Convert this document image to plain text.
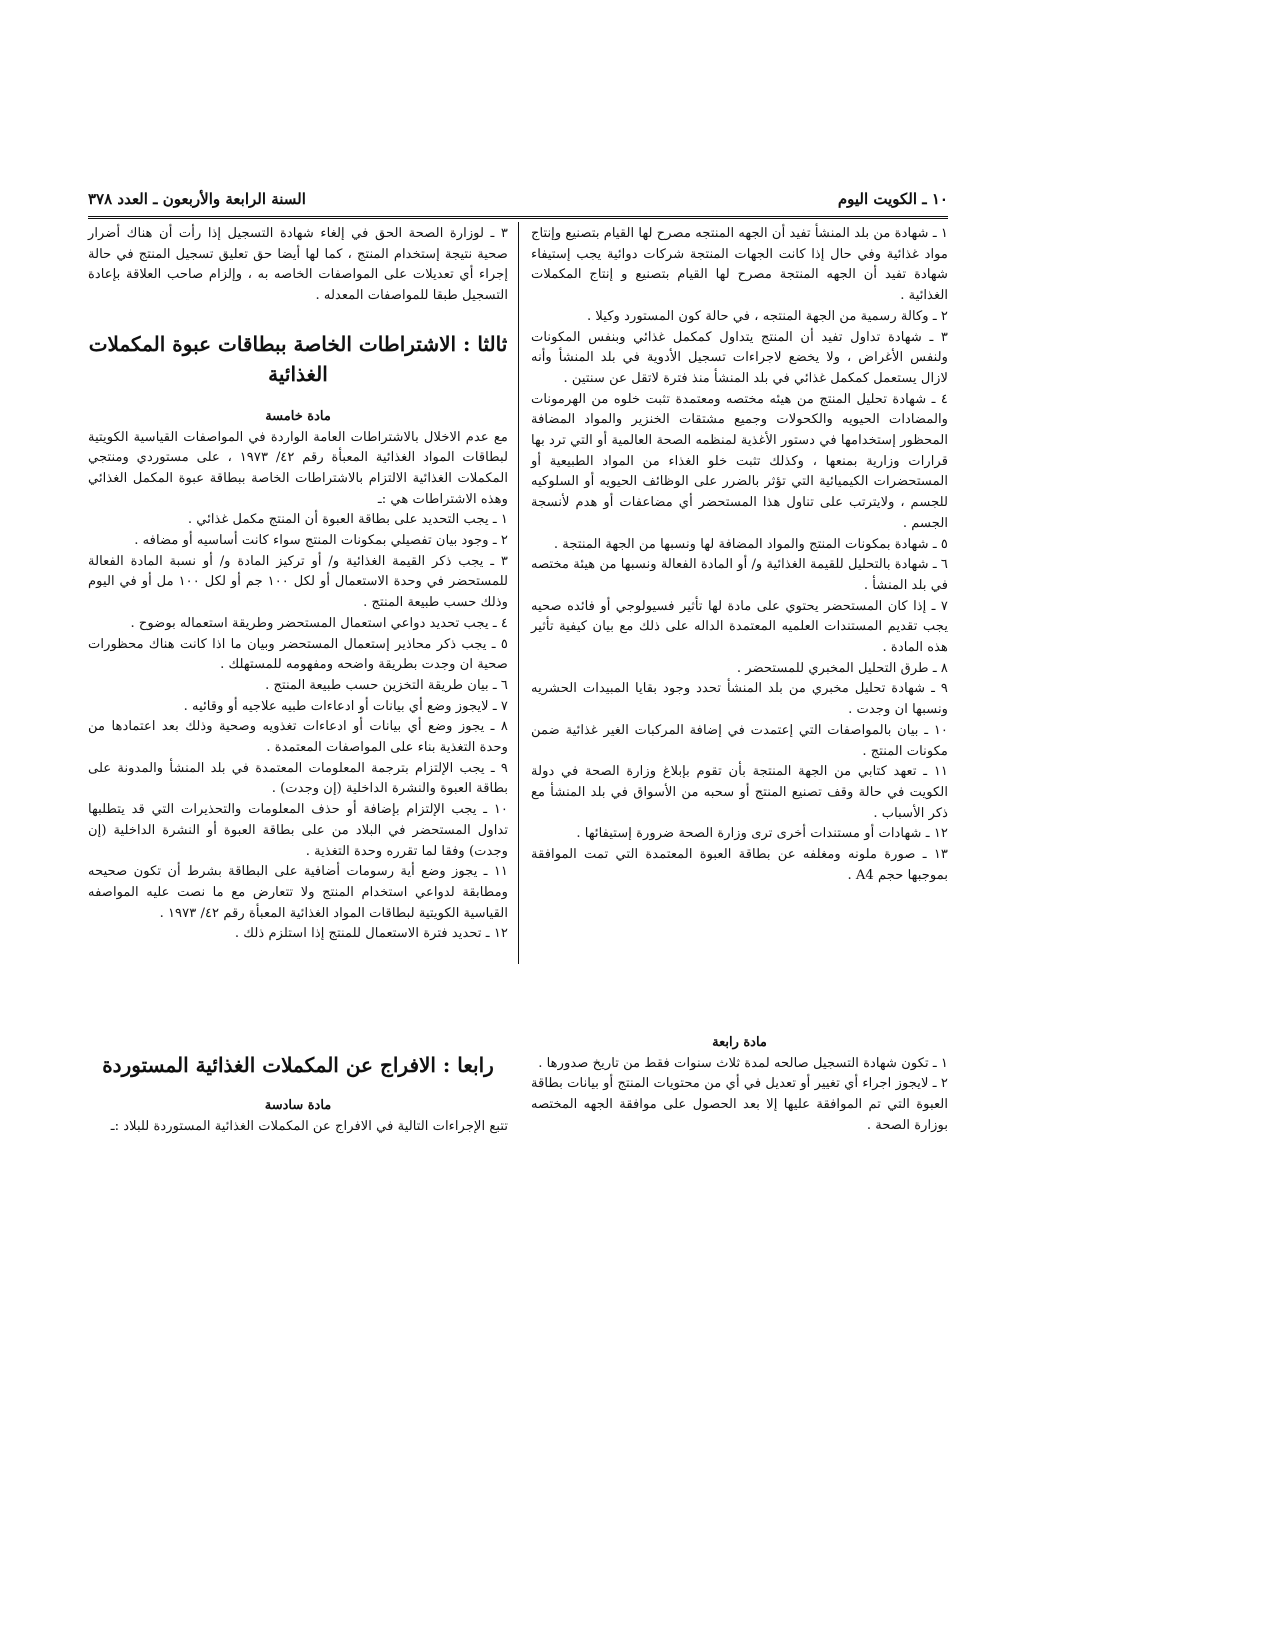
١٠ ـ الكويت اليوم
السنة الرابعة والأربعون ـ العدد ٣٧٨

١ ـ شهادة من بلد المنشأ تفيد أن الجهه المنتجه مصرح لها القيام بتصنيع وإنتاج مواد غذائية وفي حال إذا كانت الجهات المنتجة شركات دوائية يجب إستيفاء شهادة تفيد أن الجهه المنتجة مصرح لها القيام بتصنيع و إنتاج المكملات الغذائية .

٢ ـ وكالة رسمية من الجهة المنتجه ، في حالة كون المستورد وكيلا .

٣ ـ شهادة تداول تفيد أن المنتج يتداول كمكمل غذائي وبنفس المكونات ولنفس الأغراض ، ولا يخضع لاجراءات تسجيل الأدوية في بلد المنشأ وأنه لازال يستعمل كمكمل غذائي في بلد المنشأ منذ فترة لاتقل عن سنتين .

٤ ـ شهادة تحليل المنتج من هيئه مختصه ومعتمدة تثبت خلوه من الهرمونات والمضادات الحيويه والكحولات وجميع مشتقات الخنزير والمواد المضافة المحظور إستخدامها في دستور الأغذية لمنظمه الصحة العالمية أو التي ترد بها قرارات وزارية بمنعها ، وكذلك تثبت خلو الغذاء من المواد الطبيعية أو المستحضرات الكيميائية التي تؤثر بالضرر على الوظائف الحيويه أو السلوكيه للجسم ، ولايترتب على تناول هذا المستحضر أي مضاعفات أو هدم لأنسجة الجسم .

٥ ـ شهادة بمكونات المنتج والمواد المضافة لها ونسبها من الجهة المنتجة .

٦ ـ شهادة بالتحليل للقيمة الغذائية و/ أو المادة الفعالة ونسبها من هيئة مختصه في بلد المنشأ .

٧ ـ إذا كان المستحضر يحتوي على مادة لها تأثير فسيولوجي أو فائده صحيه يجب تقديم المستندات العلميه المعتمدة الداله على ذلك مع بيان كيفية تأثير هذه المادة .

٨ ـ طرق التحليل المخبري للمستحضر .

٩ ـ شهادة تحليل مخبري من بلد المنشأ تحدد وجود بقايا المبيدات الحشريه ونسبها ان وجدت .

١٠ ـ بيان بالمواصفات التي إعتمدت في إضافة المركبات الغير غذائية ضمن مكونات المنتج .

١١ ـ تعهد كتابي من الجهة المنتجة بأن تقوم بإبلاغ وزارة الصحة في دولة الكويت في حالة وقف تصنيع المنتج أو سحبه من الأسواق في بلد المنشأ مع ذكر الأسباب .

١٢ ـ شهادات أو مستندات أخرى ترى وزارة الصحة ضرورة إستيفائها .

١٣ ـ صورة ملونه ومغلفه عن بطاقة العبوة المعتمدة التي تمت الموافقة بموجبها حجم A4 .

٣ ـ لوزارة الصحة الحق في إلغاء شهادة التسجيل إذا رأت أن هناك أضرار صحية نتيجة إستخدام المنتج ، كما لها أيضا حق تعليق تسجيل المنتج في حالة إجراء أي تعديلات على المواصفات الخاصه به ، وإلزام صاحب العلاقة بإعادة التسجيل طبقا للمواصفات المعدله .

ثالثا : الاشتراطات الخاصة ببطاقات عبوة المكملات الغذائية
مادة خامسة

مع عدم الاخلال بالاشتراطات العامة الواردة في المواصفات القياسية الكويتية لبطاقات المواد الغذائية المعبأة رقم ٤٢/ ١٩٧٣ ، على مستوردي ومنتجي المكملات الغذائية الالتزام بالاشتراطات الخاصة ببطاقة عبوة المكمل الغذائي وهذه الاشتراطات هي :ـ

١ ـ يجب التحديد على بطاقة العبوة أن المنتج مكمل غذائي .

٢ ـ وجود بيان تفصيلي بمكونات المنتج سواء كانت أساسيه أو مضافه .

٣ ـ يجب ذكر القيمة الغذائية و/ أو تركيز المادة و/ أو نسبة المادة الفعالة للمستحضر في وحدة الاستعمال أو لكل ١٠٠ جم أو لكل ١٠٠ مل أو في اليوم وذلك حسب طبيعة المنتج .

٤ ـ يجب تحديد دواعي استعمال المستحضر وطريقة استعماله بوضوح .

٥ ـ يجب ذكر محاذير إستعمال المستحضر وبيان ما اذا كانت هناك محظورات صحية ان وجدت بطريقة واضحه ومفهومه للمستهلك .

٦ ـ بيان طريقة التخزين حسب طبيعة المنتج .

٧ ـ لايجوز وضع أي بيانات أو ادعاءات طبيه علاجيه أو وقائيه .

٨ ـ يجوز وضع أي بيانات أو ادعاءات تغذويه وصحية وذلك بعد اعتمادها من وحدة التغذية بناء على المواصفات المعتمدة .

٩ ـ يجب الإلتزام بترجمة المعلومات المعتمدة في بلد المنشأ والمدونة على بطاقة العبوة والنشرة الداخلية (إن وجدت) .

١٠ ـ يجب الإلتزام بإضافة أو حذف المعلومات والتحذيرات التي قد يتطلبها تداول المستحضر في البلاد من على بطاقة العبوة أو النشرة الداخلية (إن وجدت) وفقا لما تقرره وحدة التغذية .

١١ ـ يجوز وضع أية رسومات أضافية على البطاقة بشرط أن تكون صحيحه ومطابقة لدواعي استخدام المنتج ولا تتعارض مع ما نصت عليه المواصفه القياسية الكويتية لبطاقات المواد الغذائية المعبأة رقم ٤٢/ ١٩٧٣ .

١٢ ـ تحديد فترة الاستعمال للمنتج إذا استلزم ذلك .

مادة رابعة

١ ـ تكون شهادة التسجيل صالحه لمدة ثلاث سنوات فقط من تاريخ صدورها .

٢ ـ لايجوز اجراء أي تغيير أو تعديل في أي من محتويات المنتج أو بيانات بطاقة العبوة التي تم الموافقة عليها إلا بعد الحصول على موافقة الجهه المختصه بوزارة الصحة .

رابعا : الافراج عن المكملات الغذائية المستوردة
مادة سادسة

تتبع الإجراءات التالية في الافراج عن المكملات الغذائية المستوردة للبلاد :ـ
